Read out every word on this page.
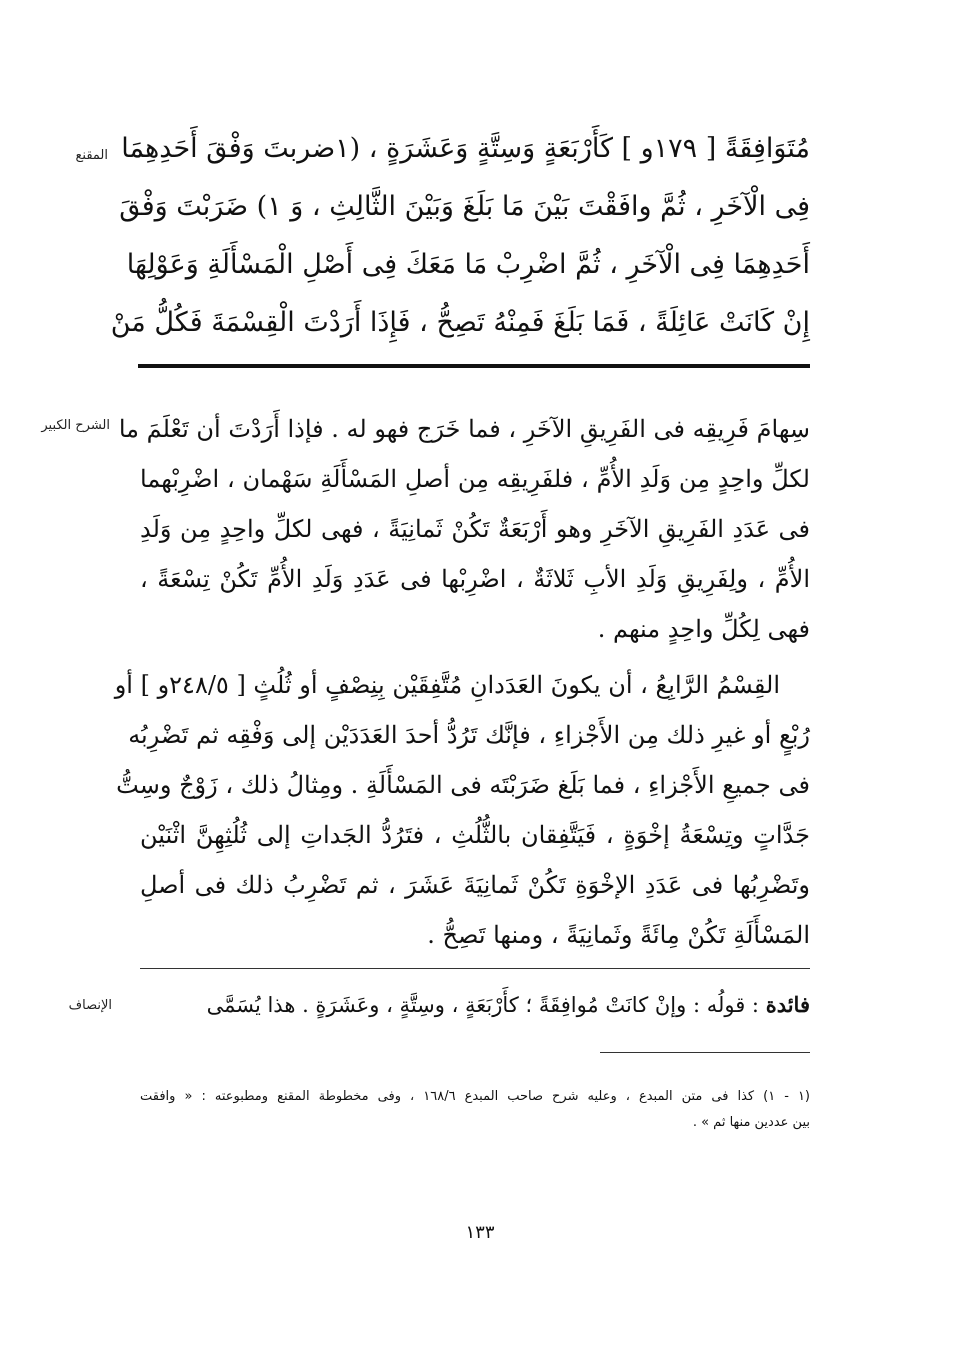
المقنع مُتَوَافِقَةً [ ١٧٩و ] كَأَرْبَعَةٍ وَسِتَّةٍ وَعَشَرَةٍ ، (١ضربتَ وَفْقَ أَحَدِهِمَا
فِى الْآخَرِ ، ثُمَّ وافَقْتَ بَيْنَ مَا بَلَغَ وَبَيْنَ الثَّالِثِ ، وَ ١) ضَرَبْتَ وَفْقَ
أَحَدِهِمَا فِى الْآخَرِ ، ثُمَّ اضْرِبْ مَا مَعَكَ فِى أَصْلِ الْمَسْأَلَةِ وَعَوْلِهَا
إِنْ كَانَتْ عَائِلَةً ، فَمَا بَلَغَ فَمِنْهُ تَصِحُّ ، فَإِذَا أَرَدْتَ الْقِسْمَةَ فَكُلُّ مَنْ
الشرح الكبير سِهامَ فَرِيقِه فى الفَرِيقِ الآخَرِ ، فما خَرَج فهو له . فإذا أَرَدْتَ أن تَعْلَمَ ما
لكلِّ واحِدٍ مِن وَلَدِ الأُمِّ ، فلفَرِيقِه مِن أصلِ المَسْأَلَةِ سَهْمان ، اضْرِبْهما
فى عَدَدِ الفَرِيقِ الآخَرِ وهو أَرْبَعَةٌ تَكُنْ ثَمانِيَةً ، فهى لكلِّ واحِدٍ مِن وَلَدِ
الأُمِّ ، ولِفَرِيقِ وَلَدِ الأبِ ثَلاثَةٌ ، اضْرِبْها فى عَدَدِ وَلَدِ الأُمِّ تَكُنْ تِسْعَةً ،
فهى لِكُلِّ واحِدٍ منهم .
القِسْمُ الرَّابِعُ ، أن يكونَ العَدَدانِ مُتَّفِقَيْن بِنِصْفٍ أو ثُلُثٍ [ ٢٤٨/٥و ] أو
رُبْعٍ أو غيرِ ذلك مِن الأَجْزاءِ ، فإنَّك تَرُدُّ أحدَ العَدَدَيْن إلى وَفْقِه ثم تَضْرِبُه
فى جميعِ الأَجْزاءِ ، فما بَلَغ ضَرَبْتَه فى المَسْأَلَةِ . ومِثالُ ذلك ، زَوْجٌ وسِتُّ
جَدَّاتٍ وتِسْعَةُ إخْوَةٍ ، فَيَتَّفِقان بالثُّلُثِ ، فتَرُدُّ الجَداتِ إلى ثُلُثِهِنَّ اثْنَيْن
وتَضْرِبُها فى عَدَدِ الإخْوَةِ تَكُنْ ثَمانِيَةَ عَشَرَ ، ثم تَضْرِبُ ذلك فى أصلِ
المَسْأَلَةِ تَكُنْ مِائَةً وثَمانِيَةً ، ومنها تَصِحُّ .
الإنصاف	فائدة : قولُه : وإنْ كانَتْ مُوافِقَةً ؛ كأَرْبَعَةٍ ، وسِتَّةٍ ، وعَشَرَةٍ . هذا يُسَمَّى
(١ - ١) كذا فى متن المبدع ، وعليه شرح صاحب المبدع ١٦٨/٦ ، وفى مخطوطة المقنع ومطبوعته : « وافقت
بين عددين منها ثم » .
١٣٣
